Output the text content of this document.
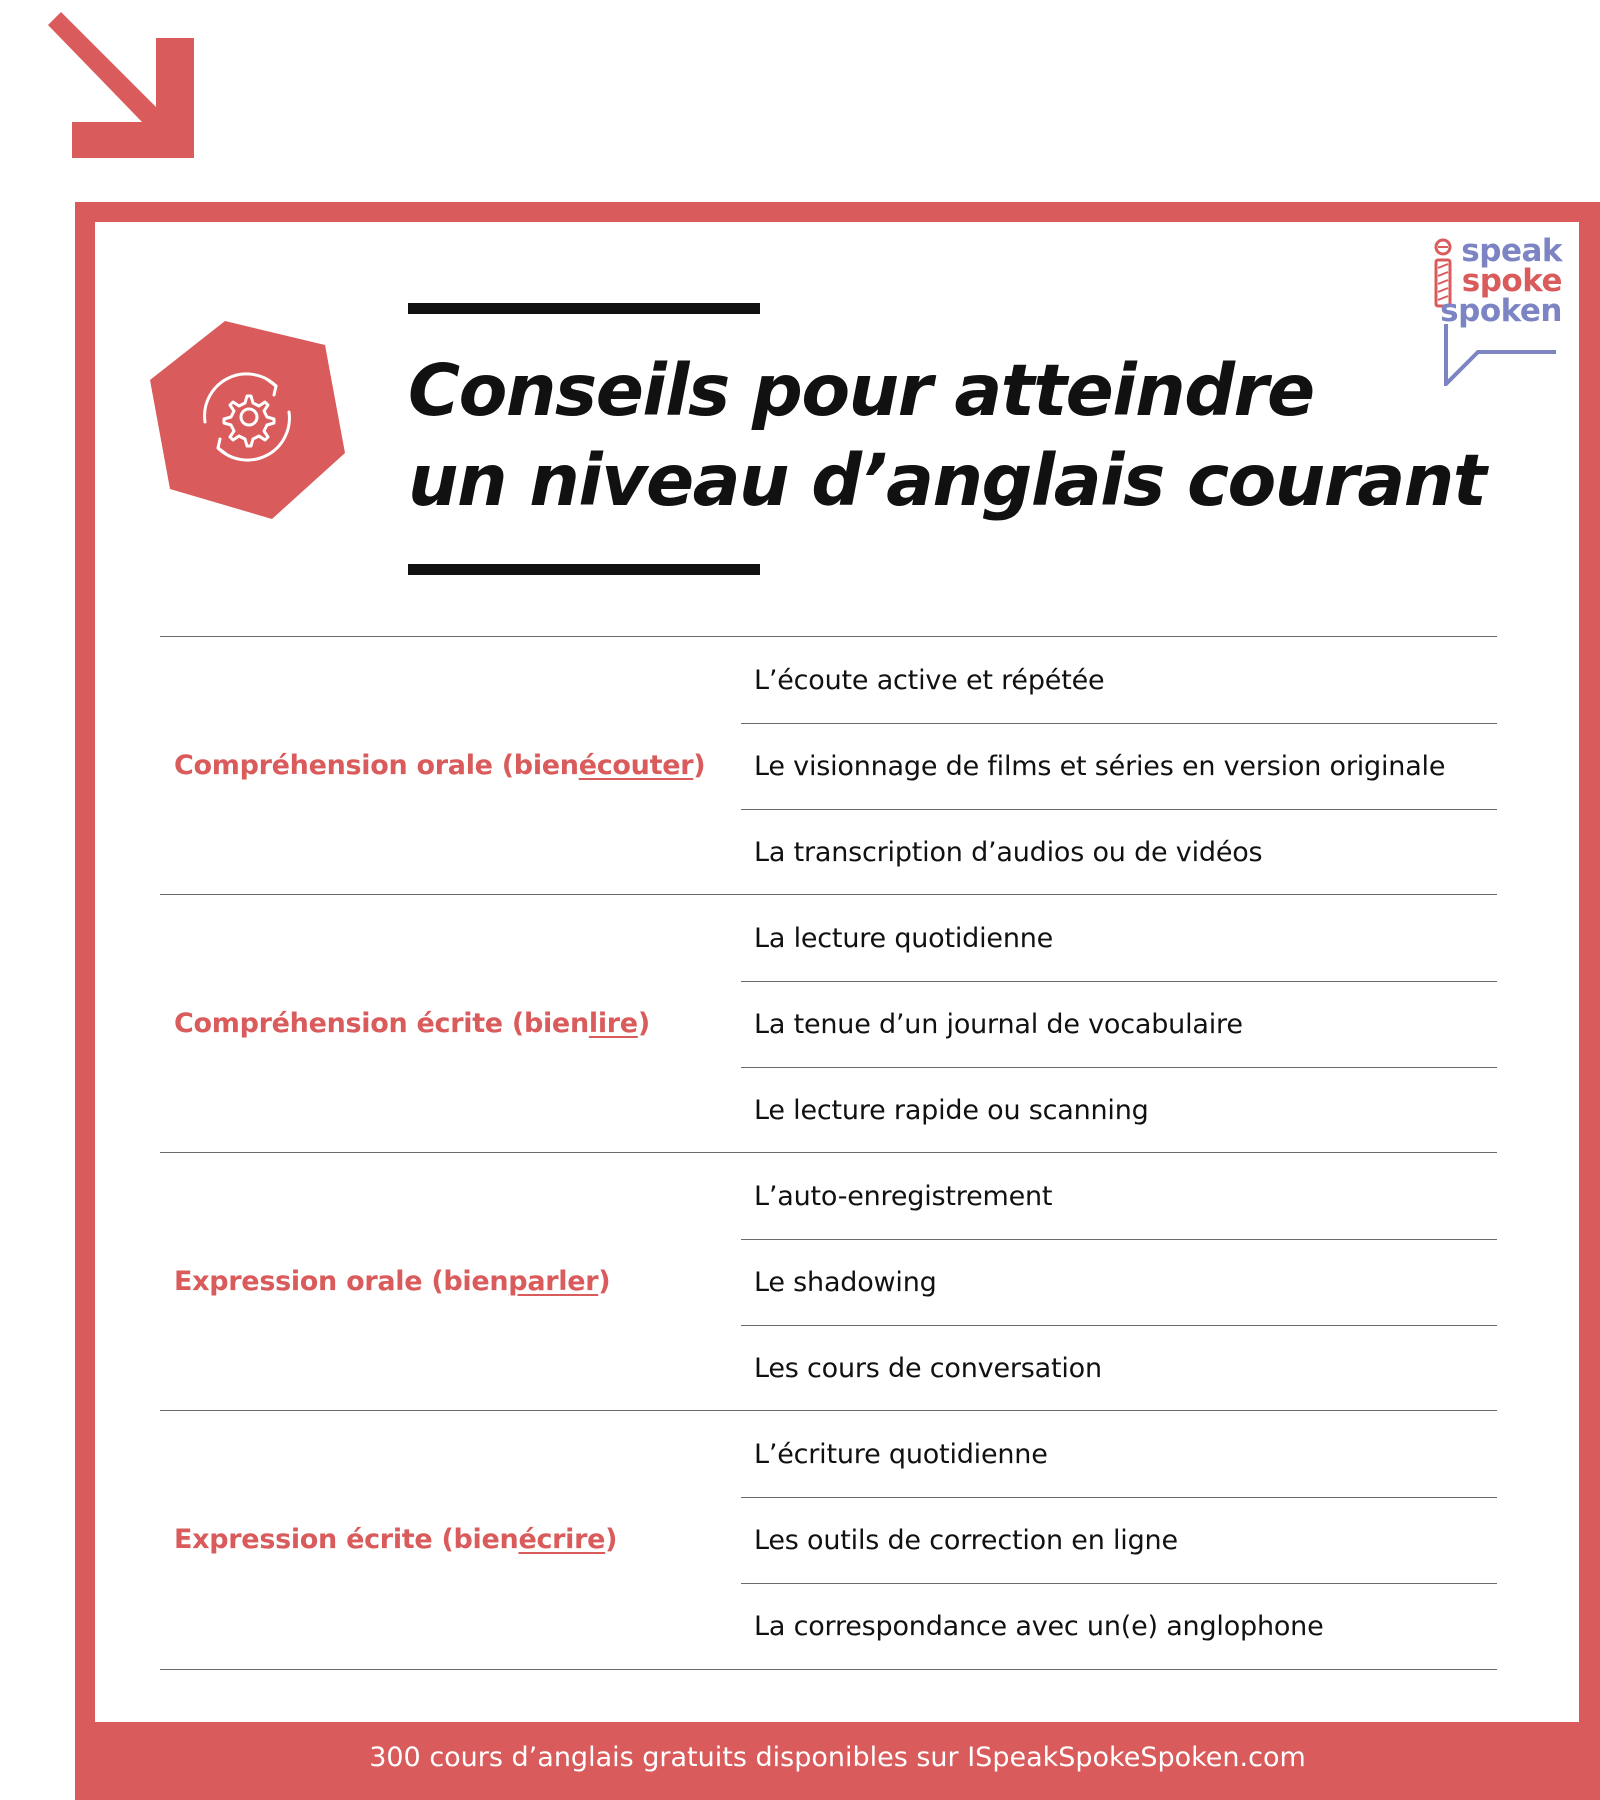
speak
spoke
spoken
Conseils pour atteindre
un niveau d’anglais courant
Compréhension orale (bien écouter )
L’écoute active et répétée
Le visionnage de films et séries en version originale
La transcription d’audios ou de vidéos
Compréhension écrite (bien lire )
La lecture quotidienne
La tenue d’un journal de vocabulaire
Le lecture rapide ou scanning
Expression orale (bien parler )
L’auto-enregistrement
Le shadowing
Les cours de conversation
Expression écrite (bien écrire )
L’écriture quotidienne
Les outils de correction en ligne
La correspondance avec un(e) anglophone
300 cours d’anglais gratuits disponibles sur ISpeakSpokeSpoken.com
